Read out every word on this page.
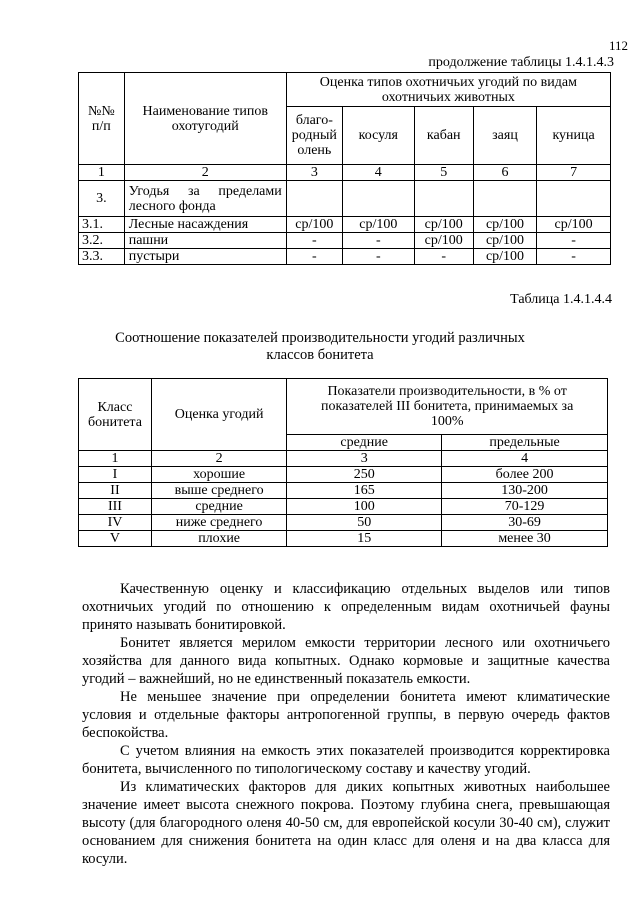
112
продолжение таблицы 1.4.1.4.3
№№ п/п	Наименование типов охотугодий	Оценка типов охотничьих угодий по видам охотничьих животных				
		благо-родный олень	косуля	кабан	заяц	куница
1	2	3	4	5	6	7
3.	Угодья за пределами лесного фонда					
3.1.	Лесные насаждения	ср/100	ср/100	ср/100	ср/100	ср/100
3.2.	пашни	-	-	ср/100	ср/100	-
3.3.	пустыри	-	-	-	ср/100	-
Таблица 1.4.1.4.4
Соотношение показателей производительности угодий различных классов бонитета
Класс бонитета	Оценка угодий	Показатели производительности, в % от показателей III бонитета, принимаемых за 100%	
		средние	предельные
1	2	3	4
I	хорошие	250	более 200
II	выше среднего	165	130-200
III	средние	100	70-129
IV	ниже среднего	50	30-69
V	плохие	15	менее 30

Качественную оценку и классификацию отдельных выделов или типов охотничьих угодий по отношению к определенным видам охотничьей фауны принято называть бонитировкой.

Бонитет является мерилом емкости территории лесного или охотничьего хозяйства для данного вида копытных. Однако кормовые и защитные качества угодий – важнейший, но не единственный показатель емкости.

Не меньшее значение при определении бонитета имеют климатические условия и отдельные факторы антропогенной группы, в первую очередь фактов беспокойства.

С учетом влияния на емкость этих показателей производится корректировка бонитета, вычисленного по типологическому составу и качеству угодий.

Из климатических факторов для диких копытных животных наибольшее значение имеет высота снежного покрова. Поэтому глубина снега, превышающая высоту (для благородного оленя 40-50 см, для европейской косули 30-40 см), служит основанием для снижения бонитета на один класс для оленя и на два класса для косули.
